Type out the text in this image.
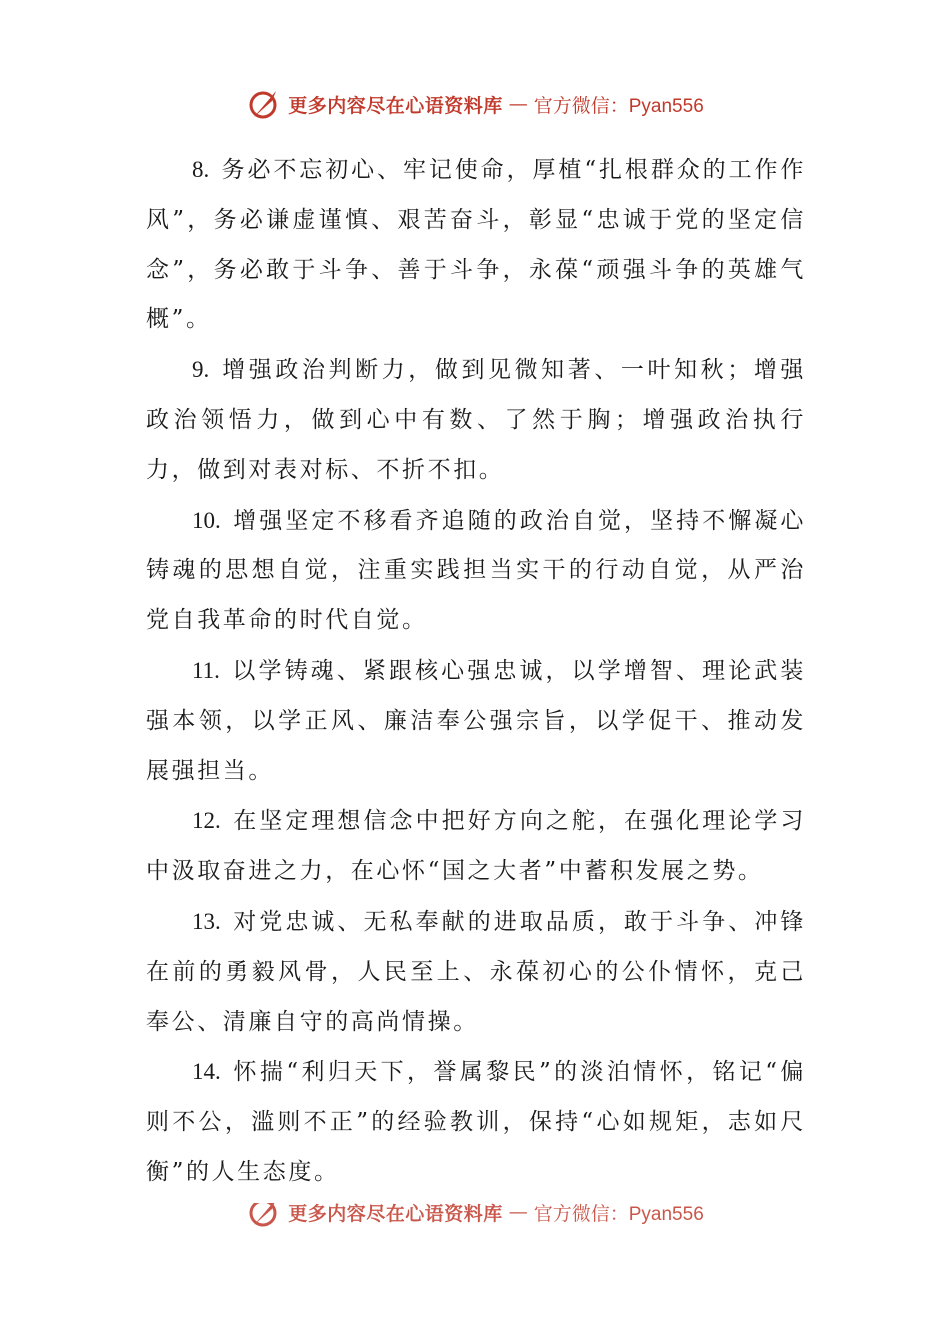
更多内容尽在心语资料库 — 官方微信：Pyan556

8. 务必不忘初心、牢记使命，厚植“扎根群众的工作作风”，务必谦虚谨慎、艰苦奋斗，彰显“忠诚于党的坚定信念”，务必敢于斗争、善于斗争，永葆“顽强斗争的英雄气概”。

9. 增强政治判断力，做到见微知著、一叶知秋；增强政治领悟力，做到心中有数、了然于胸；增强政治执行力，做到对表对标、不折不扣。

10. 增强坚定不移看齐追随的政治自觉，坚持不懈凝心铸魂的思想自觉，注重实践担当实干的行动自觉，从严治党自我革命的时代自觉。

11. 以学铸魂、紧跟核心强忠诚，以学增智、理论武装强本领，以学正风、廉洁奉公强宗旨，以学促干、推动发展强担当。

12. 在坚定理想信念中把好方向之舵，在强化理论学习中汲取奋进之力，在心怀“国之大者”中蓄积发展之势。

13. 对党忠诚、无私奉献的进取品质，敢于斗争、冲锋在前的勇毅风骨，人民至上、永葆初心的公仆情怀，克己奉公、清廉自守的高尚情操。

14. 怀揣“利归天下，誉属黎民”的淡泊情怀，铭记“偏则不公，滥则不正”的经验教训，保持“心如规矩，志如尺衡”的人生态度。

更多内容尽在心语资料库 — 官方微信：Pyan556
